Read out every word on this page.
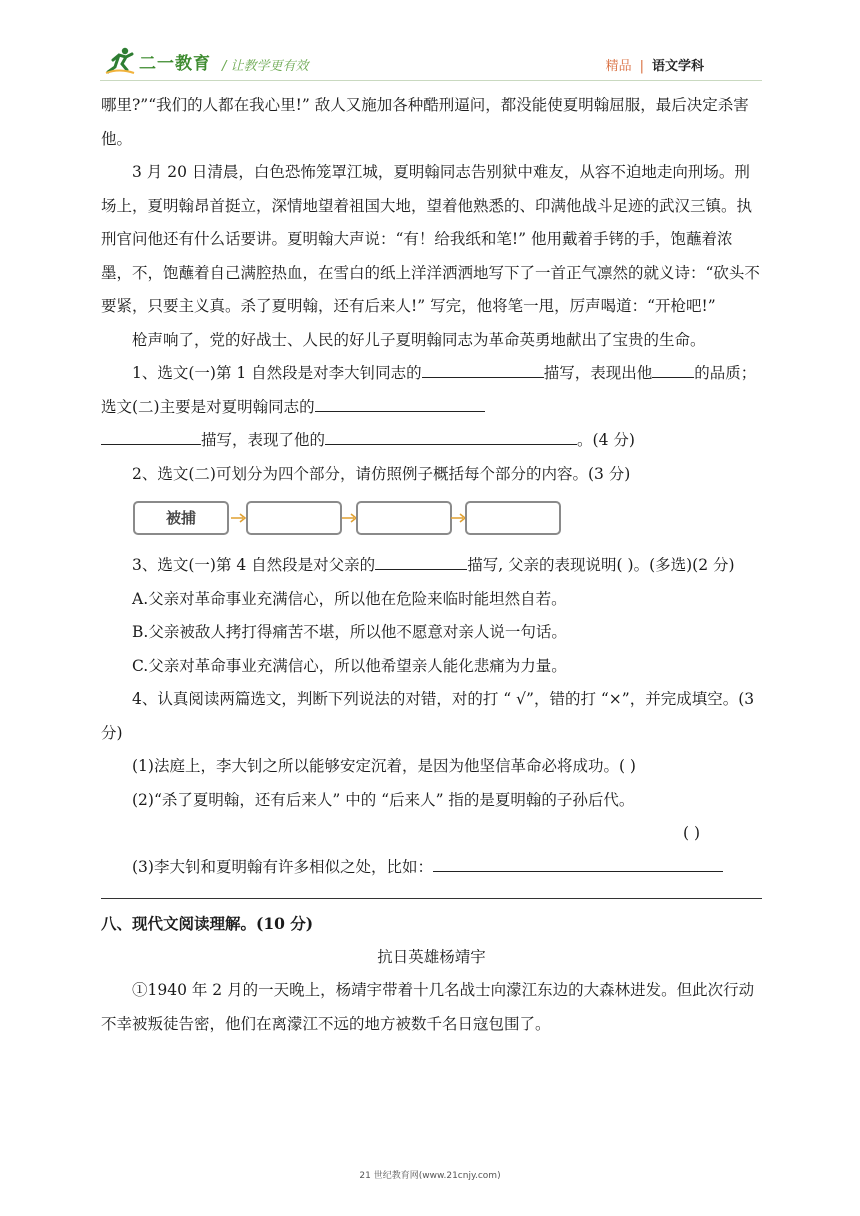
二一教育 / 让教学更有效	精品 | 语文学科

哪里?”“我们的人都在我心里!” 敌人又施加各种酷刑逼问，都没能使夏明翰屈服，最后决定杀害他。

3 月 20 日清晨，白色恐怖笼罩江城，夏明翰同志告别狱中难友，从容不迫地走向刑场。刑场上，夏明翰昂首挺立，深情地望着祖国大地，望着他熟悉的、印满他战斗足迹的武汉三镇。执刑官问他还有什么话要讲。夏明翰大声说：“有！给我纸和笔!” 他用戴着手铐的手，饱蘸着浓墨，不，饱蘸着自己满腔热血，在雪白的纸上洋洋洒洒地写下了一首正气凛然的就义诗：“砍头不要紧，只要主义真。杀了夏明翰，还有后来人!” 写完，他将笔一甩，厉声喝道：“开枪吧!”

枪声响了，党的好战士、人民的好儿子夏明翰同志为革命英勇地献出了宝贵的生命。

1、选文(一)第 1 自然段是对李大钊同志的	描写，表现出他	的品质；选文(二)主要是对夏明翰同志的

描写，表现了他的	。(4 分)

2、选文(二)可划分为四个部分，请仿照例子概括每个部分的内容。(3 分)

被捕

3、选文(一)第 4 自然段是对父亲的	描写, 父亲的表现说明( )。(多选)(2 分)

A.父亲对革命事业充满信心，所以他在危险来临时能坦然自若。

B.父亲被敌人拷打得痛苦不堪，所以他不愿意对亲人说一句话。

C.父亲对革命事业充满信心，所以他希望亲人能化悲痛为力量。

4、认真阅读两篇选文，判断下列说法的对错，对的打 “ √”，错的打 “×”，并完成填空。(3 分)

(1)法庭上，李大钊之所以能够安定沉着，是因为他坚信革命必将成功。( )

(2)“杀了夏明翰，还有后来人” 中的 “后来人” 指的是夏明翰的子孙后代。

( )

(3)李大钊和夏明翰有许多相似之处，比如：

八、现代文阅读理解。(10 分)

抗日英雄杨靖宇

①1940 年 2 月的一天晚上，杨靖宇带着十几名战士向濛江东边的大森林进发。但此次行动不幸被叛徒告密，他们在离濛江不远的地方被数千名日寇包围了。

21 世纪教育网(www.21cnjy.com)
